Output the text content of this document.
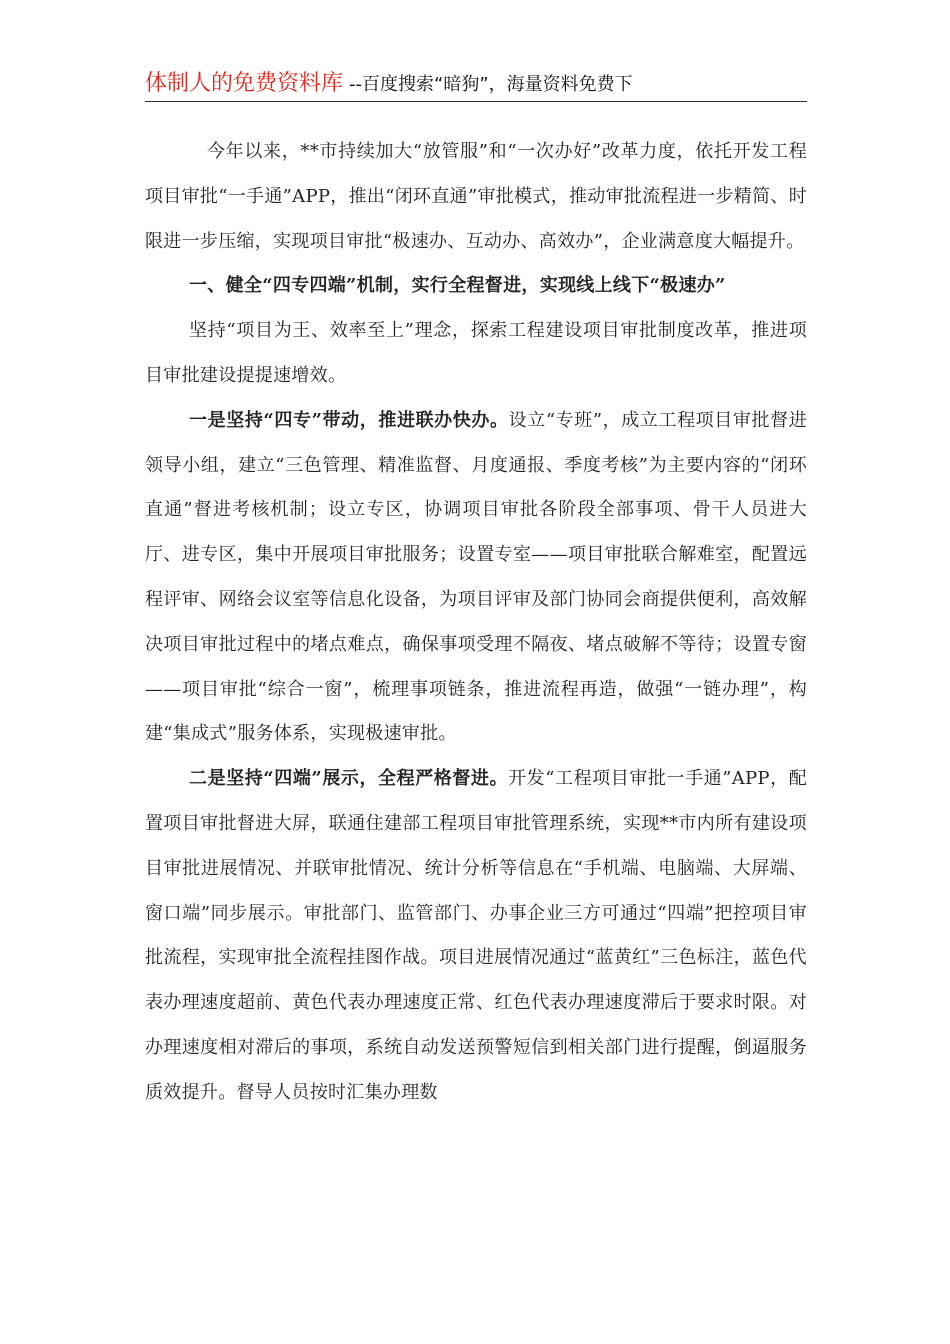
体制人的免费资料库 --百度搜索“暗狗”，海量资料免费下

今年以来，**市持续加大“放管服”和“一次办好”改革力度，依托开发工程项目审批“一手通”APP，推出“闭环直通”审批模式，推动审批流程进一步精简、时限进一步压缩，实现项目审批“极速办、互动办、高效办”，企业满意度大幅提升。

一、健全“四专四端”机制，实行全程督进，实现线上线下“极速办”

坚持“项目为王、效率至上”理念，探索工程建设项目审批制度改革，推进项目审批建设提提速增效。

一是坚持“四专”带动，推进联办快办。设立“专班”，成立工程项目审批督进领导小组，建立“三色管理、精准监督、月度通报、季度考核”为主要内容的“闭环直通”督进考核机制；设立专区，协调项目审批各阶段全部事项、骨干人员进大厅、进专区，集中开展项目审批服务；设置专室——项目审批联合解难室，配置远程评审、网络会议室等信息化设备，为项目评审及部门协同会商提供便利，高效解决项目审批过程中的堵点难点，确保事项受理不隔夜、堵点破解不等待；设置专窗——项目审批“综合一窗”，梳理事项链条，推进流程再造，做强“一链办理”，构建“集成式”服务体系，实现极速审批。

二是坚持“四端”展示，全程严格督进。开发“工程项目审批一手通”APP，配置项目审批督进大屏，联通住建部工程项目审批管理系统，实现**市内所有建设项目审批进展情况、并联审批情况、统计分析等信息在“手机端、电脑端、大屏端、窗口端”同步展示。审批部门、监管部门、办事企业三方可通过“四端”把控项目审批流程，实现审批全流程挂图作战。项目进展情况通过“蓝黄红”三色标注，蓝色代表办理速度超前、黄色代表办理速度正常、红色代表办理速度滞后于要求时限。对办理速度相对滞后的事项，系统自动发送预警短信到相关部门进行提醒，倒逼服务质效提升。督导人员按时汇集办理数
